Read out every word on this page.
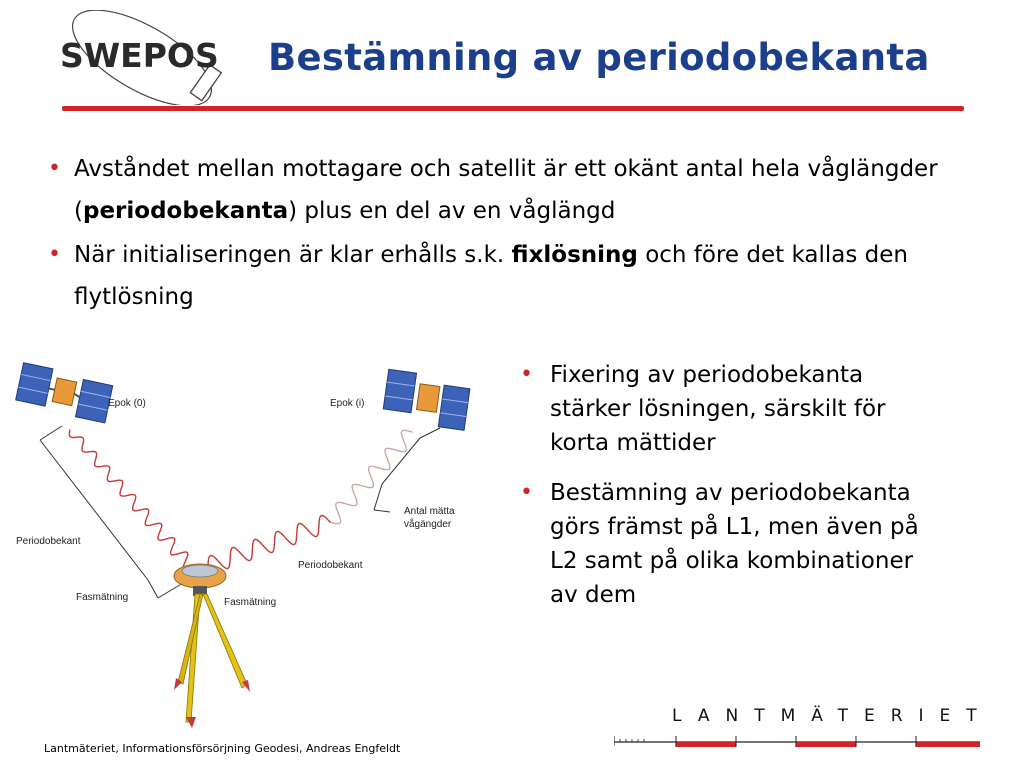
SWEPOS Bestämning av periodobekanta
• Avståndet mellan mottagare och satellit är ett okänt antal hela våglängder (periodobekanta) plus en del av en våglängd
• När initialiseringen är klar erhålls s.k. fixlösning och före det kallas den flytlösning
Epok (0)	Epok (i)
Periodobekant
Periodobekant
Fasmätning	Fasmätning
Antal mätta
vågängder
• Fixering av periodobekanta stärker lösningen, särskilt för korta mättider
• Bestämning av periodobekanta görs främst på L1, men även på L2 samt på olika kombinationer av dem
Lantmäteriet, Informationsförsörjning Geodesi, Andreas Engfeldt
LANTMÄTERIET
